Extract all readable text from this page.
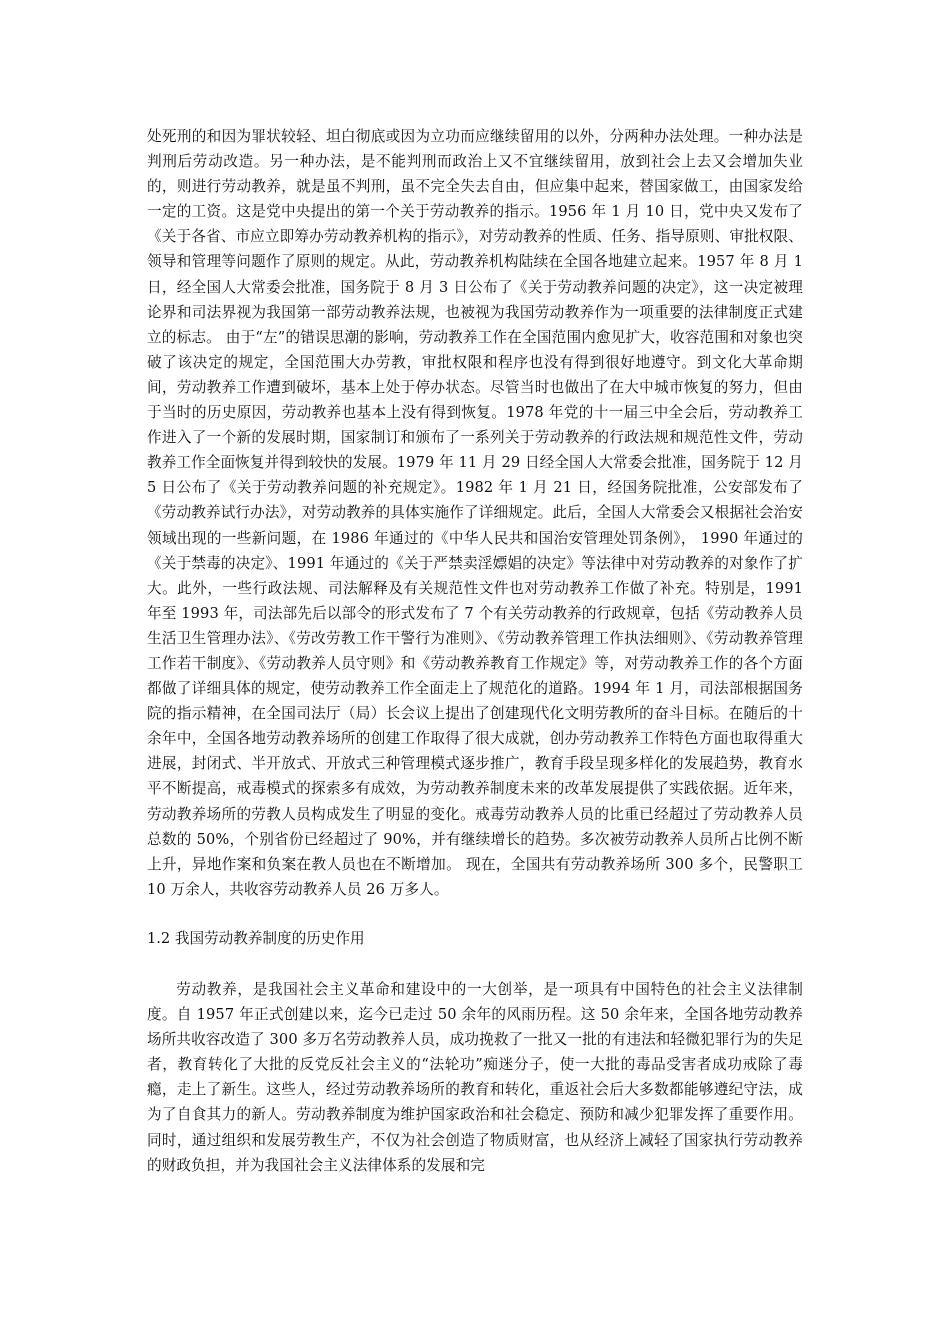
处死刑的和因为罪状较轻、坦白彻底或因为立功而应继续留用的以外，分两种办法处理。一种办法是判刑后劳动改造。另一种办法，是不能判刑而政治上又不宜继续留用，放到社会上去又会增加失业的，则进行劳动教养，就是虽不判刑，虽不完全失去自由，但应集中起来，替国家做工，由国家发给一定的工资。这是党中央提出的第一个关于劳动教养的指示。1956 年 1 月 10 日，党中央又发布了《关于各省、市应立即筹办劳动教养机构的指示》，对劳动教养的性质、任务、指导原则、审批权限、领导和管理等问题作了原则的规定。从此，劳动教养机构陆续在全国各地建立起来。1957 年 8 月 1 日，经全国人大常委会批准，国务院于 8 月 3 日公布了《关于劳动教养问题的决定》，这一决定被理论界和司法界视为我国第一部劳动教养法规，也被视为我国劳动教养作为一项重要的法律制度正式建立的标志。 由于“左”的错误思潮的影响，劳动教养工作在全国范围内愈见扩大，收容范围和对象也突破了该决定的规定，全国范围大办劳教，审批权限和程序也没有得到很好地遵守。到文化大革命期间，劳动教养工作遭到破坏，基本上处于停办状态。尽管当时也做出了在大中城市恢复的努力，但由于当时的历史原因，劳动教养也基本上没有得到恢复。1978 年党的十一届三中全会后，劳动教养工作进入了一个新的发展时期，国家制订和颁布了一系列关于劳动教养的行政法规和规范性文件，劳动教养工作全面恢复并得到较快的发展。1979 年 11 月 29 日经全国人大常委会批准，国务院于 12 月 5 日公布了《关于劳动教养问题的补充规定》。1982 年 1 月 21 日，经国务院批准，公安部发布了《劳动教养试行办法》，对劳动教养的具体实施作了详细规定。此后，全国人大常委会又根据社会治安领域出现的一些新问题，在 1986 年通过的《中华人民共和国治安管理处罚条例》， 1990 年通过的《关于禁毒的决定》、1991 年通过的《关于严禁卖淫嫖娼的决定》等法律中对劳动教养的对象作了扩大。此外，一些行政法规、司法解释及有关规范性文件也对劳动教养工作做了补充。特别是，1991 年至 1993 年，司法部先后以部令的形式发布了 7 个有关劳动教养的行政规章，包括《劳动教养人员生活卫生管理办法》、《劳改劳教工作干警行为准则》、《劳动教养管理工作执法细则》、《劳动教养管理工作若干制度》、《劳动教养人员守则》和《劳动教养教育工作规定》等，对劳动教养工作的各个方面都做了详细具体的规定，使劳动教养工作全面走上了规范化的道路。1994 年 1 月，司法部根据国务院的指示精神，在全国司法厅（局）长会议上提出了创建现代化文明劳教所的奋斗目标。在随后的十余年中，全国各地劳动教养场所的创建工作取得了很大成就，创办劳动教养工作特色方面也取得重大进展，封闭式、半开放式、开放式三种管理模式逐步推广，教育手段呈现多样化的发展趋势，教育水平不断提高，戒毒模式的探索多有成效，为劳动教养制度未来的改革发展提供了实践依据。近年来，劳动教养场所的劳教人员构成发生了明显的变化。戒毒劳动教养人员的比重已经超过了劳动教养人员总数的 50%，个别省份已经超过了 90%，并有继续增长的趋势。多次被劳动教养人员所占比例不断上升，异地作案和负案在教人员也在不断增加。 现在，全国共有劳动教养场所 300 多个，民警职工 10 万余人，共收容劳动教养人员 26 万多人。

1.2 我国劳动教养制度的历史作用

劳动教养，是我国社会主义革命和建设中的一大创举，是一项具有中国特色的社会主义法律制度。自 1957 年正式创建以来，迄今已走过 50 余年的风雨历程。这 50 余年来，全国各地劳动教养场所共收容改造了 300 多万名劳动教养人员，成功挽救了一批又一批的有违法和轻微犯罪行为的失足者，教育转化了大批的反党反社会主义的“法轮功”痴迷分子，使一大批的毒品受害者成功戒除了毒瘾，走上了新生。这些人，经过劳动教养场所的教育和转化，重返社会后大多数都能够遵纪守法，成为了自食其力的新人。劳动教养制度为维护国家政治和社会稳定、预防和减少犯罪发挥了重要作用。同时，通过组织和发展劳教生产，不仅为社会创造了物质财富，也从经济上减轻了国家执行劳动教养的财政负担，并为我国社会主义法律体系的发展和完
